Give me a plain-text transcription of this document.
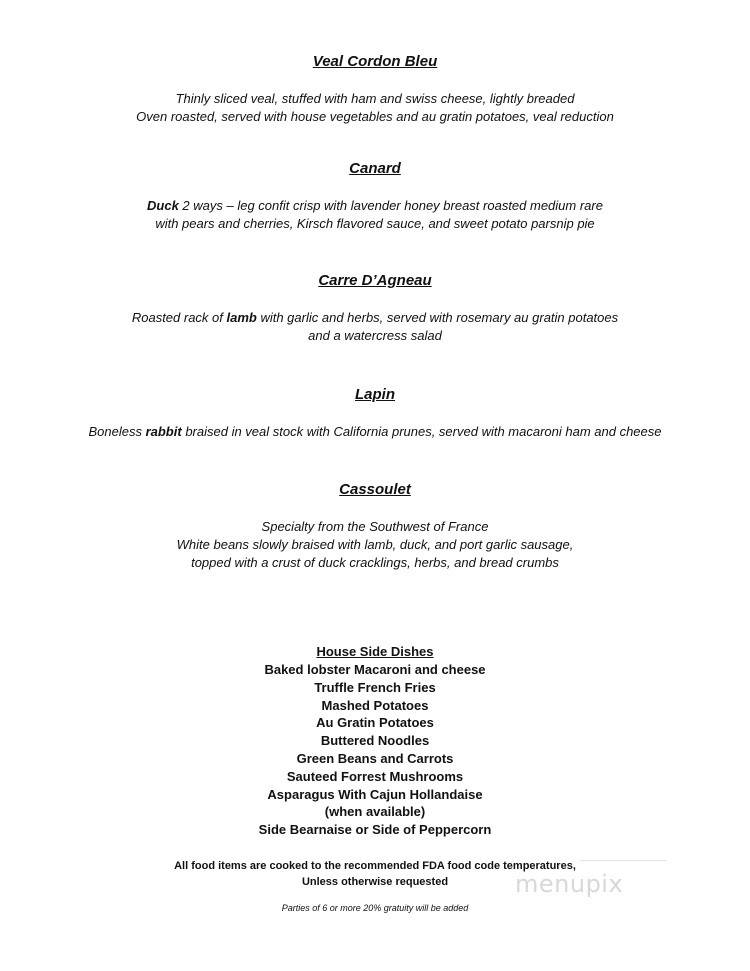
Veal Cordon Bleu
Thinly sliced veal, stuffed with ham and swiss cheese, lightly breaded
Oven roasted, served with house vegetables and au gratin potatoes, veal reduction
Canard
Duck 2 ways – leg confit crisp with lavender honey breast roasted medium rare
with pears and cherries, Kirsch flavored sauce, and sweet potato parsnip pie
Carre D’Agneau
Roasted rack of lamb with garlic and herbs, served with rosemary au gratin potatoes
and a watercress salad
Lapin
Boneless rabbit braised in veal stock with California prunes, served with macaroni ham and cheese
Cassoulet
Specialty from the Southwest of France
White beans slowly braised with lamb, duck, and port garlic sausage,
topped with a crust of duck cracklings, herbs, and bread crumbs
House Side Dishes
Baked lobster Macaroni and cheese
Truffle French Fries
Mashed Potatoes
Au Gratin Potatoes
Buttered Noodles
Green Beans and Carrots
Sauteed Forrest Mushrooms
Asparagus With Cajun Hollandaise
(when available)
Side Bearnaise or Side of Peppercorn
All food items are cooked to the recommended FDA food code temperatures,
Unless otherwise requested
Parties of 6 or more 20% gratuity will be added
menupix
